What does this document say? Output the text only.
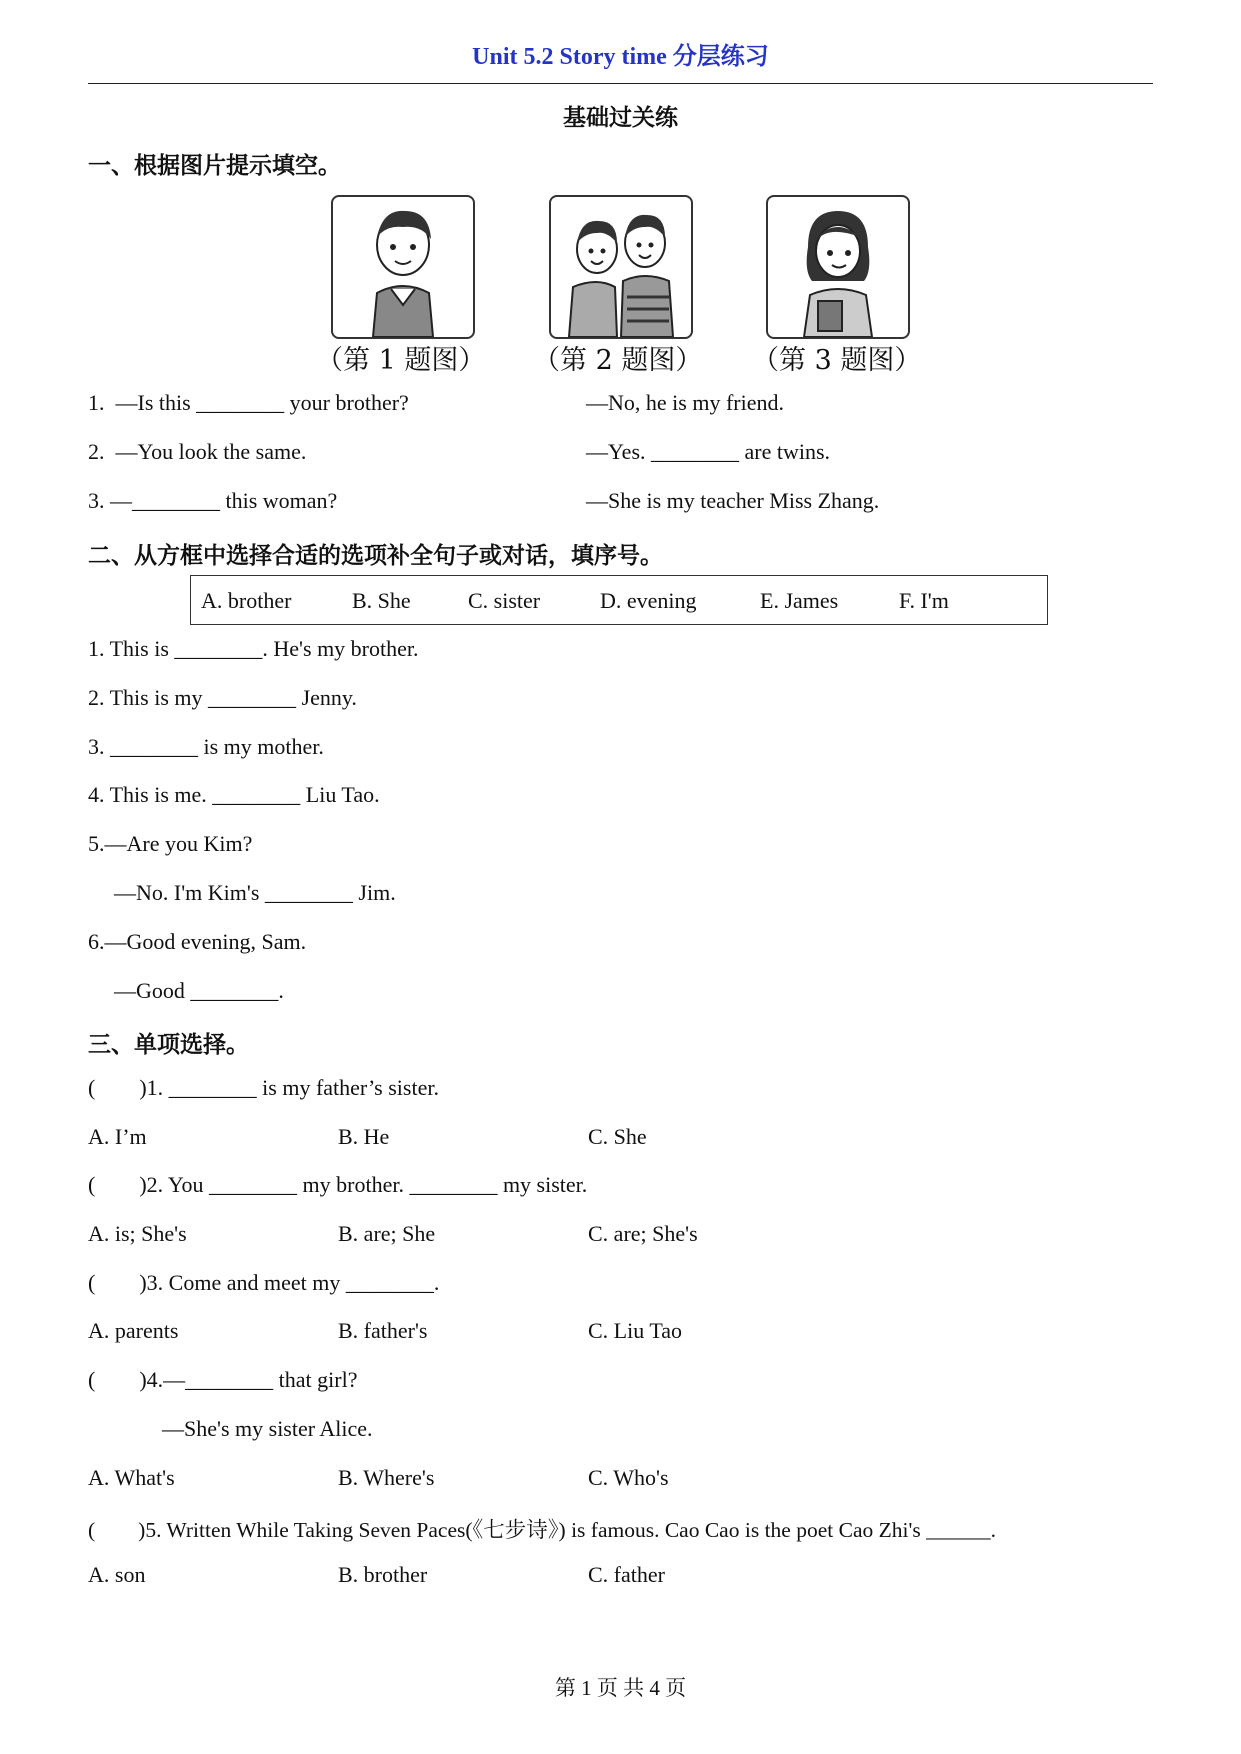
Unit 5.2 Story time 分层练习
基础过关练
一、根据图片提示填空。
（第 1 题图） （第 2 题图） （第 3 题图）
1.  —Is this ________ your brother?	—No, he is my friend.
2.  —You look the same.	—Yes. ________ are twins.
3. —________ this woman?	—She is my teacher Miss Zhang.
二、从方框中选择合适的选项补全句子或对话，填序号。
A. brother	B. She	C. sister	D. evening	E. James	F. I'm
1. This is ________. He's my brother.
2. This is my ________ Jenny.
3. ________ is my mother.
4. This is me. ________ Liu Tao.
5.—Are you Kim?
—No. I'm Kim's ________ Jim.
6.—Good evening, Sam.
—Good ________.
三、单项选择。
(        )1. ________ is my father’s sister.
A. I’m	B. He	C. She
(        )2. You ________ my brother. ________ my sister.
A. is; She's	B. are; She	C. are; She's
(        )3. Come and meet my ________.
A. parents	B. father's	C. Liu Tao
(        )4.—________ that girl?
—She's my sister Alice.
A. What's	B. Where's	C. Who's
(        )5. Written While Taking Seven Paces(《七步诗》) is famous. Cao Cao is the poet Cao Zhi's ______.
A. son	B. brother	C. father
第 1 页 共 4 页
